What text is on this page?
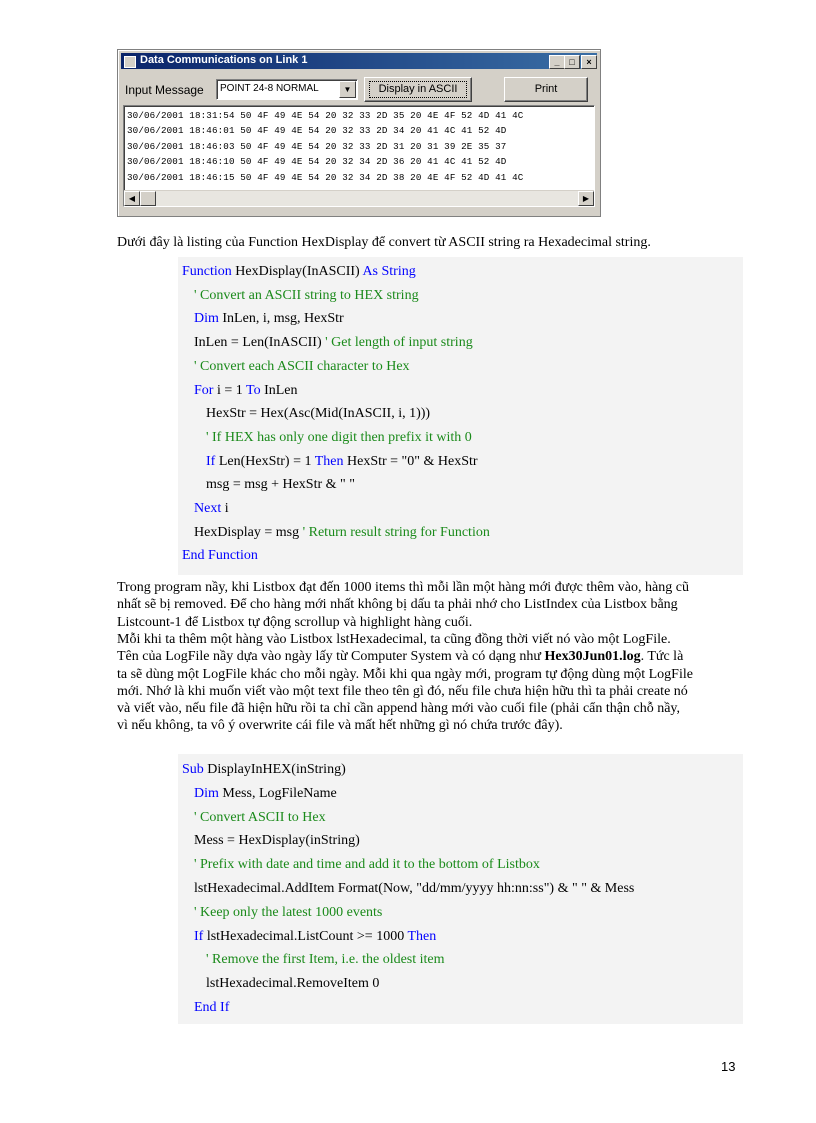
Data Communications on Link 1	_	□	×
Input Message POINT 24-8 NORMAL	▼	Display in ASCII	Print
30/06/2001 18:31:54 50 4F 49 4E 54 20 32 33 2D 35 20 4E 4F 52 4D 41 4C
30/06/2001 18:46:01 50 4F 49 4E 54 20 32 33 2D 34 20 41 4C 41 52 4D
30/06/2001 18:46:03 50 4F 49 4E 54 20 32 33 2D 31 20 31 39 2E 35 37
30/06/2001 18:46:10 50 4F 49 4E 54 20 32 34 2D 36 20 41 4C 41 52 4D
30/06/2001 18:46:15 50 4F 49 4E 54 20 32 34 2D 38 20 4E 4F 52 4D 41 4C
◀	▶
Dưới đây là listing của Function HexDisplay để convert từ ASCII string ra Hexadecimal string.
Function HexDisplay(InASCII) As String
' Convert an ASCII string to HEX string
Dim InLen, i, msg, HexStr
InLen = Len(InASCII) ' Get length of input string
' Convert each ASCII character to Hex
For i = 1 To InLen
HexStr = Hex(Asc(Mid(InASCII, i, 1)))
' If HEX has only one digit then prefix it with 0
If Len(HexStr) = 1 Then HexStr = "0" & HexStr
msg = msg + HexStr & " "
Next i
HexDisplay = msg ' Return result string for Function
End Function
Trong program nầy, khi Listbox đạt đến 1000 items thì mỗi lần một hàng mới được thêm vào, hàng cũ
nhất sẽ bị removed. Để cho hàng mới nhất không bị dấu ta phải nhớ cho ListIndex của Listbox bằng
Listcount-1 để Listbox tự động scrollup và highlight hàng cuối.
Mỗi khi ta thêm một hàng vào Listbox lstHexadecimal, ta cũng đồng thời viết nó vào một LogFile.
Tên của LogFile nầy dựa vào ngày lấy từ Computer System và có dạng như Hex30Jun01.log. Tức là
ta sẽ dùng một LogFile khác cho mỗi ngày. Mỗi khi qua ngày mới, program tự động dùng một LogFile
mới. Nhớ là khi muốn viết vào một text file theo tên gì đó, nếu file chưa hiện hữu thì ta phải create nó
và viết vào, nếu file đã hiện hữu rồi ta chỉ cần append hàng mới vào cuối file (phải cẩn thận chỗ nầy,
vì nếu không, ta vô ý overwrite cái file và mất hết những gì nó chứa trước đây).
Sub DisplayInHEX(inString)
Dim Mess, LogFileName
' Convert ASCII to Hex
Mess = HexDisplay(inString)
' Prefix with date and time and add it to the bottom of Listbox
lstHexadecimal.AddItem Format(Now, "dd/mm/yyyy hh:nn:ss") & " " & Mess
' Keep only the latest 1000 events
If lstHexadecimal.ListCount >= 1000 Then
' Remove the first Item, i.e. the oldest item
lstHexadecimal.RemoveItem 0
End If
13
